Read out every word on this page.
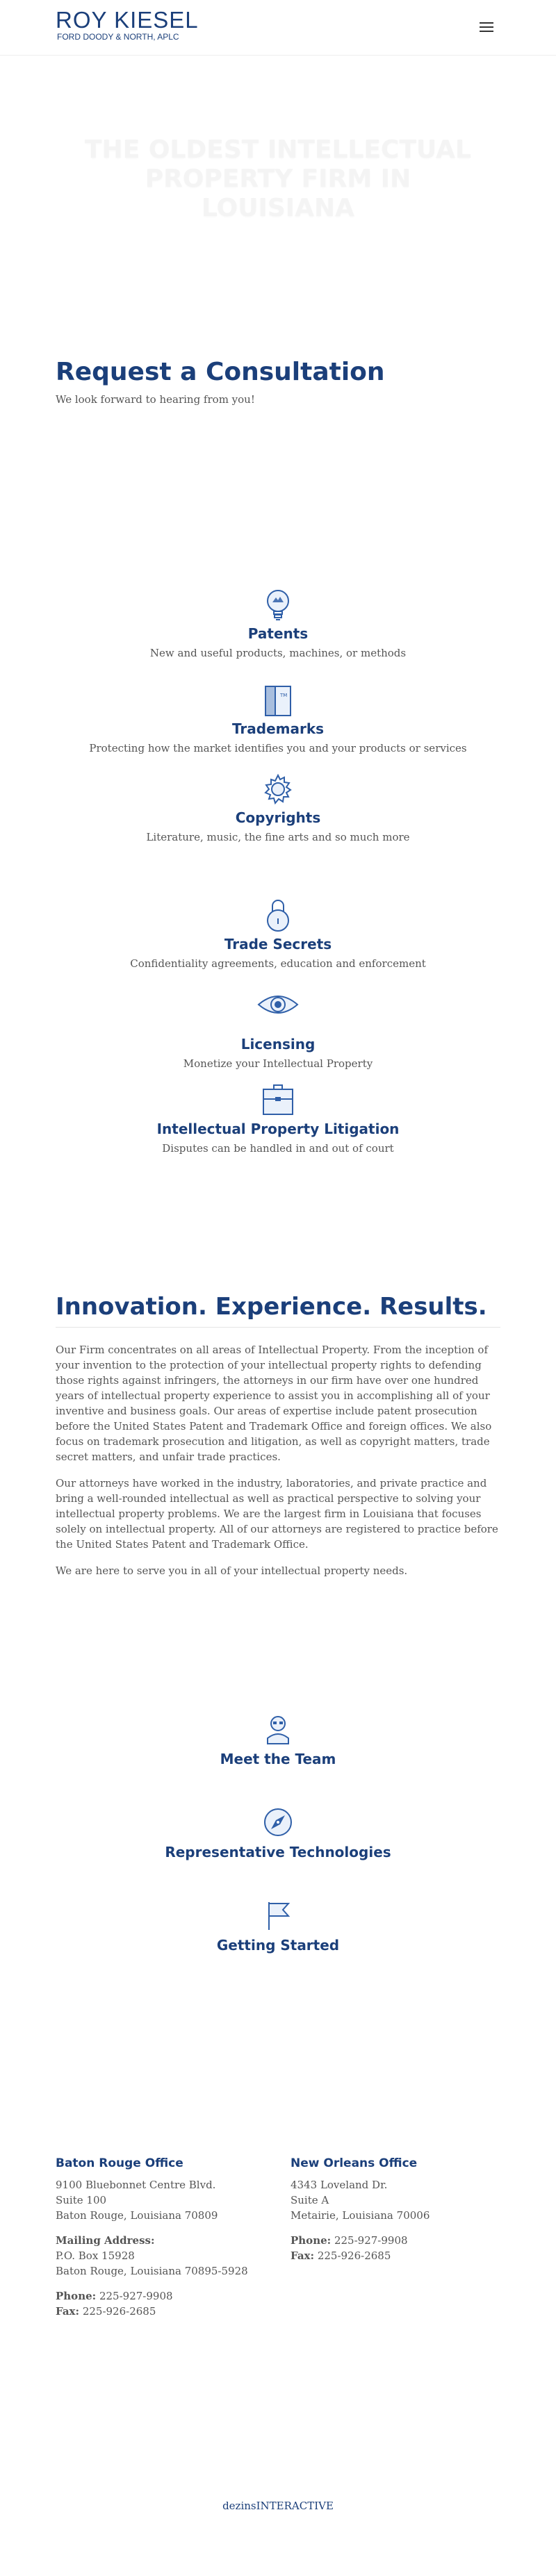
ROY KIESEL
FORD DOODY & NORTH, APLC
THE OLDEST INTELLECTUAL PROPERTY FIRM IN LOUISIANA
Request a Consultation
We look forward to hearing from you!
Patents
New and useful products, machines, or methods
TM
Trademarks
Protecting how the market identifies you and your products or services
Copyrights
Literature, music, the fine arts and so much more
Trade Secrets
Confidentiality agreements, education and enforcement
Licensing
Monetize your Intellectual Property
Intellectual Property Litigation
Disputes can be handled in and out of court
Innovation. Experience. Results.

Our Firm concentrates on all areas of Intellectual Property. From the inception of your invention to the protection of your intellectual property rights to defending those rights against infringers, the attorneys in our firm have over one hundred years of intellectual property experience to assist you in accomplishing all of your inventive and business goals. Our areas of expertise include patent prosecution before the United States Patent and Trademark Office and foreign offices. We also focus on trademark prosecution and litigation, as well as copyright matters, trade secret matters, and unfair trade practices.

Our attorneys have worked in the industry, laboratories, and private practice and bring a well-rounded intellectual as well as practical perspective to solving your intellectual property problems. We are the largest firm in Louisiana that focuses solely on intellectual property. All of our attorneys are registered to practice before the United States Patent and Trademark Office.

We are here to serve you in all of your intellectual property needs.

Meet the Team
Representative Technologies
Getting Started
Baton Rouge Office
9100 Bluebonnet Centre Blvd.
Suite 100
Baton Rouge, Louisiana 70809
Mailing Address:
P.O. Box 15928
Baton Rouge, Louisiana 70895-5928
Phone: 225-927-9908
Fax: 225-926-2685
New Orleans Office
4343 Loveland Dr.
Suite A
Metairie, Louisiana 70006
Phone: 225-927-9908
Fax: 225-926-2685
dezinsINTERACTIVE
